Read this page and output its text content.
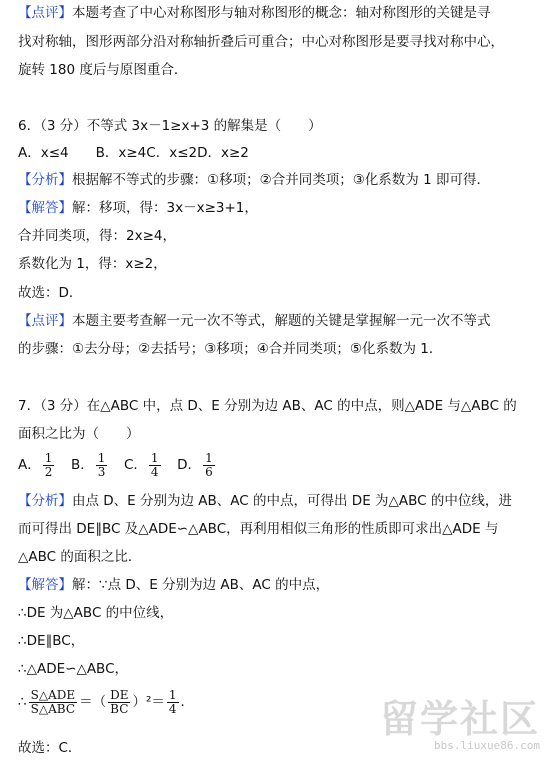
【点评】本题考查了中心对称图形与轴对称图形的概念：轴对称图形的关键是寻
找对称轴，图形两部分沿对称轴折叠后可重合；中心对称图形是要寻找对称中心，
旋转 180 度后与原图重合．
6．（3 分）不等式 3x－1≥x+3 的解集是（　　）
A．x≤4　　B．x≥4C．x≤2D．x≥2
【分析】根据解不等式的步骤：①移项；②合并同类项；③化系数为 1 即可得．
【解答】解：移项，得：3x－x≥3+1，
合并同类项，得：2x≥4，
系数化为 1，得：x≥2，
故选：D．
【点评】本题主要考查解一元一次不等式，解题的关键是掌握解一元一次不等式
的步骤：①去分母；②去括号；③移项；④合并同类项；⑤化系数为 1．
7．（3 分）在△ABC 中，点 D、E 分别为边 AB、AC 的中点，则△ADE 与△ABC 的
面积之比为（　　）
A． $\frac{1}{2}$ B． $\frac{1}{3}$ C． $\frac{1}{4}$ D． $\frac{1}{6}$
【分析】由点 D、E 分别为边 AB、AC 的中点，可得出 DE 为△ABC 的中位线，进
而可得出 DE∥BC 及△ADE∽△ABC，再利用相似三角形的性质即可求出△ADE 与
△ABC 的面积之比．
【解答】解：∵点 D、E 分别为边 AB、AC 的中点，
∴DE 为△ABC 的中位线，
∴DE∥BC，
∴△ADE∽△ABC，
∴ $\frac{\text{S△ADE}}{\text{S△ABC}}$ ＝（ $\frac{DE}{BC} )^2= \frac{1}{4}$ ．
故选：C．
留学社区
bbs.liuxue86.com
